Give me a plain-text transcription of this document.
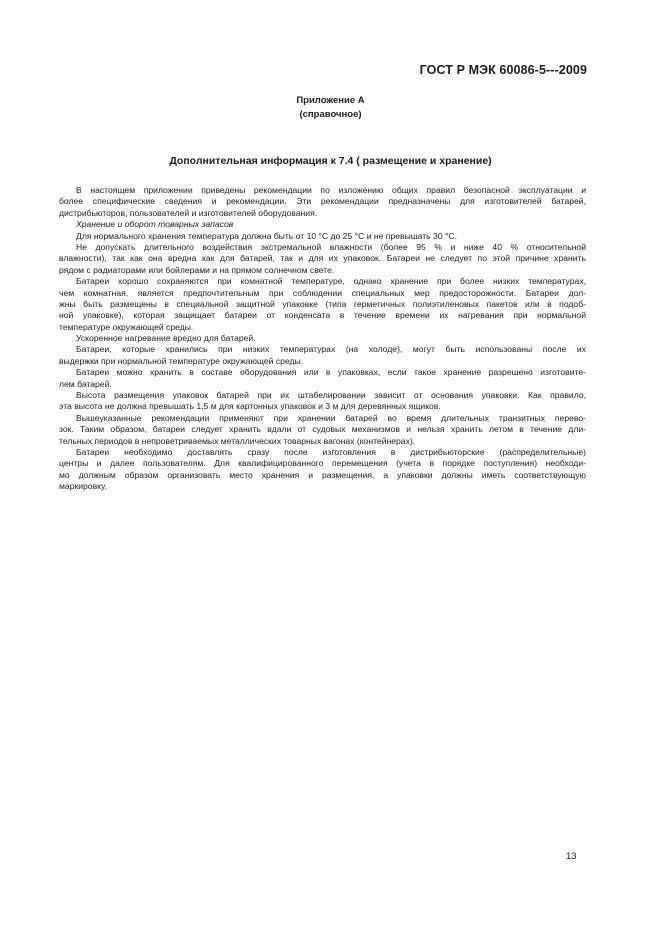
ГОСТ Р МЭК 60086-5---2009
Приложение А
(справочное)
Дополнительная информация к 7.4 ( размещение и хранение)
В настоящем приложении приведены рекомендации по изложению общих правил безопасной эксплуатации и
более специфические сведения и рекомендации. Эти рекомендации предназначены для изготовителей батарей,
дистрибьюторов, пользователей и изготовителей оборудования.
Хранение и оборот товарных запасов
Для нормального хранения температура должна быть от 10 °С до 25 °С и не превышать 30 °С.
Не допускать длительного воздействия экстремальной влажности (более 95 % и ниже 40 % относительной
влажности), так как она вредна как для батарей, так и для их упаковок. Батареи не следует по этой причине хранить
рядом с радиаторами или бойлерами и на прямом солнечном свете.
Батареи хорошо сохраняются при комнатной температуре, однако хранение при более низких температурах,
чем комнатная, является предпочтительным при соблюдении специальных мер предосторожности. Батареи дол-
жны быть размещены в специальной защитной упаковке (типа герметичных полиэтиленовых пакетов или в подоб-
ной упаковке), которая защищает батареи от конденсата в течение времени их нагревания при нормальной
температуре окружающей среды.
Ускоренное нагревание вредно для батарей.
Батареи, которые хранились при низких температурах (на холоде), могут быть использованы после их
выдержки при нормальной температуре окружающей среды.
Батареи можно хранить в составе оборудования или в упаковках, если такое хранение разрешено изготовите-
лем батарей.
Высота размещения упаковок батарей при их штабелировании зависит от основания упаковки. Как правило,
эта высота не должна превышать 1,5 м для картонных упаковок и 3 м для деревянных ящиков.
Вышеуказанные рекомендации применяют при хранении батарей во время длительных транзитных перево-
зок. Таким образом, батареи следует хранить вдали от судовых механизмов и нельзя хранить летом в течение дли-
тельных периодов в непроветриваемых металлических товарных вагонах (контейнерах).
Батареи необходимо доставлять сразу после изготовления в дистрибьюторские (распределительные)
центры и далее пользователям. Для квалифицированного перемещения (учета в порядке поступления) необходи-
мо должным образом организовать место хранения и размещения, а упаковки должны иметь соответствующую
маркировку.
13
